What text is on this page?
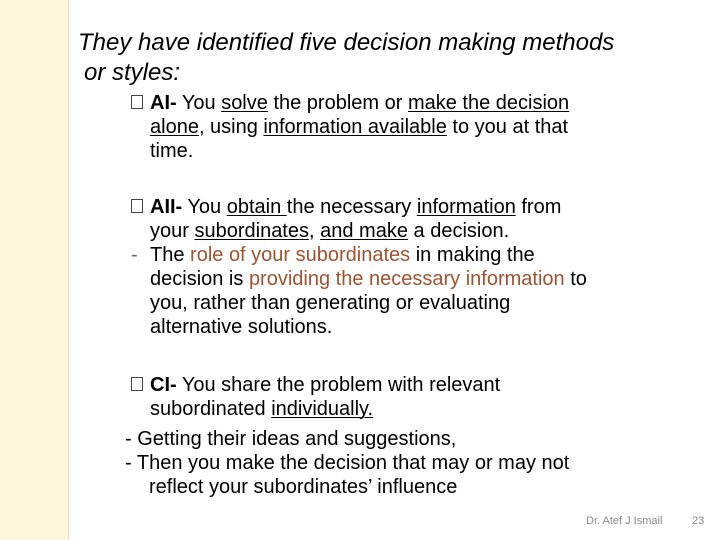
They have identified five decision making methods
or styles:
AI- You solve the problem or make the decision
alone, using information available to you at that
time.
AII- You obtain the necessary information from
your subordinates, and make a decision.
- The role of your subordinates in making the
decision is providing the necessary information to
you, rather than generating or evaluating
alternative solutions.
CI- You share the problem with relevant
subordinated individually.
- Getting their ideas and suggestions,
- Then you make the decision that may or may not
reflect your subordinates’ influence
Dr. Atef J Ismail	23
